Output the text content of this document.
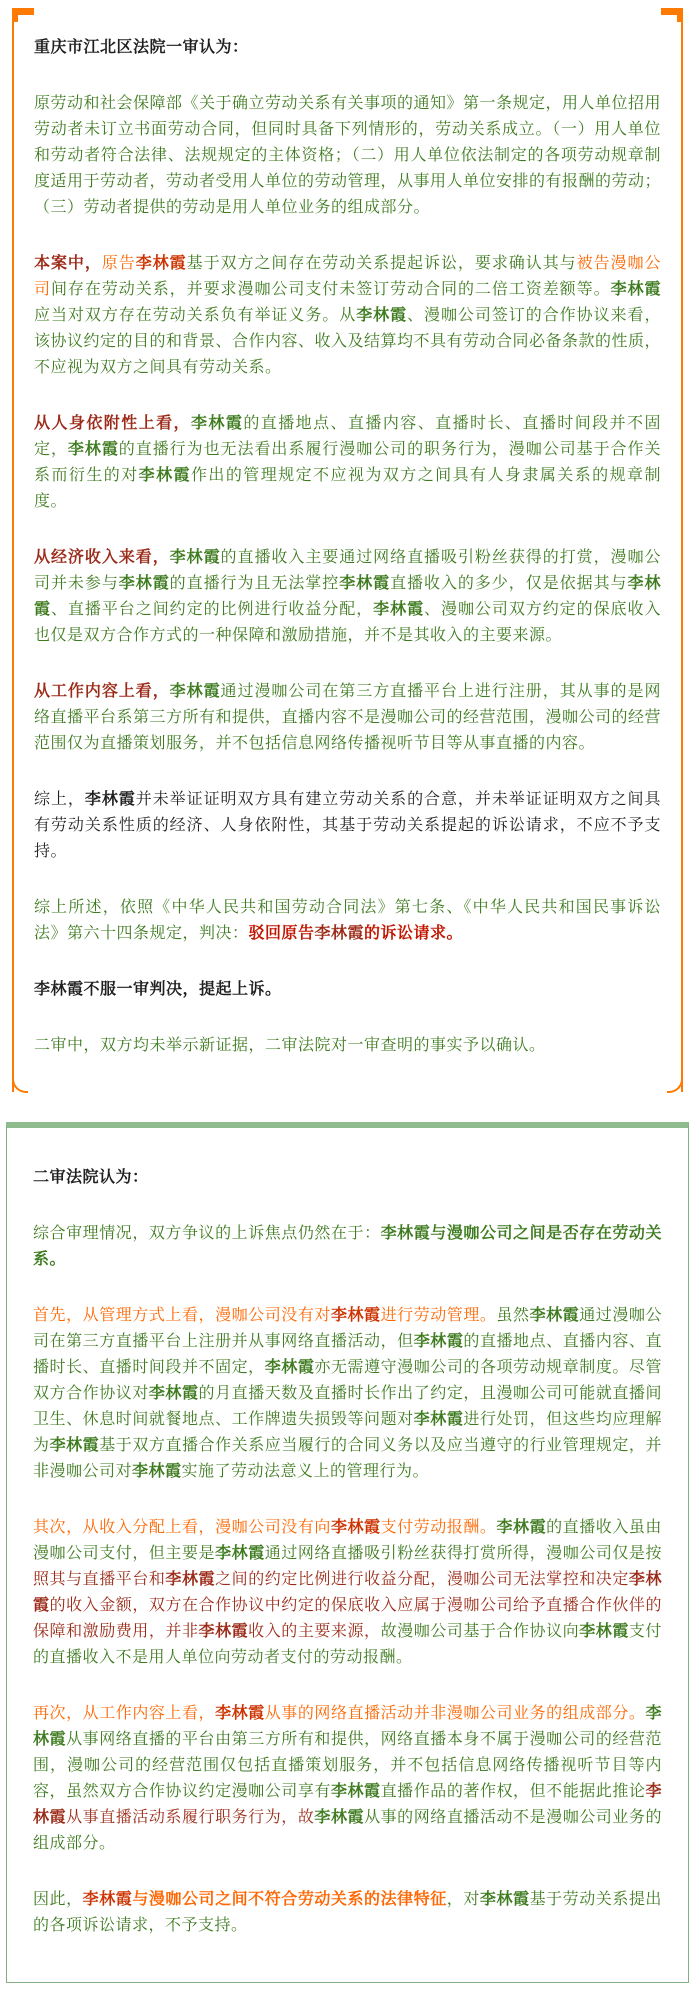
重庆市江北区法院一审认为：

原劳动和社会保障部《关于确立劳动关系有关事项的通知》第一条规定，用人单位招用劳动者未订立书面劳动合同，但同时具备下列情形的，劳动关系成立。（一）用人单位和劳动者符合法律、法规规定的主体资格；（二）用人单位依法制定的各项劳动规章制度适用于劳动者，劳动者受用人单位的劳动管理，从事用人单位安排的有报酬的劳动；（三）劳动者提供的劳动是用人单位业务的组成部分。

本案中，原告李林霞基于双方之间存在劳动关系提起诉讼，要求确认其与被告漫咖公司间存在劳动关系，并要求漫咖公司支付未签订劳动合同的二倍工资差额等。李林霞应当对双方存在劳动关系负有举证义务。从李林霞、漫咖公司签订的合作协议来看，该协议约定的目的和背景、合作内容、收入及结算均不具有劳动合同必备条款的性质，不应视为双方之间具有劳动关系。

从人身依附性上看，李林霞的直播地点、直播内容、直播时长、直播时间段并不固定，李林霞的直播行为也无法看出系履行漫咖公司的职务行为，漫咖公司基于合作关系而衍生的对李林霞作出的管理规定不应视为双方之间具有人身隶属关系的规章制度。

从经济收入来看，李林霞的直播收入主要通过网络直播吸引粉丝获得的打赏，漫咖公司并未参与李林霞的直播行为且无法掌控李林霞直播收入的多少，仅是依据其与李林霞、直播平台之间约定的比例进行收益分配，李林霞、漫咖公司双方约定的保底收入也仅是双方合作方式的一种保障和激励措施，并不是其收入的主要来源。

从工作内容上看，李林霞通过漫咖公司在第三方直播平台上进行注册，其从事的是网络直播平台系第三方所有和提供，直播内容不是漫咖公司的经营范围，漫咖公司的经营范围仅为直播策划服务，并不包括信息网络传播视听节目等从事直播的内容。

综上，李林霞并未举证证明双方具有建立劳动关系的合意，并未举证证明双方之间具有劳动关系性质的经济、人身依附性，其基于劳动关系提起的诉讼请求，不应不予支持。

综上所述，依照《中华人民共和国劳动合同法》第七条、《中华人民共和国民事诉讼法》第六十四条规定，判决：驳回原告李林霞的诉讼请求。

李林霞不服一审判决，提起上诉。

二审中，双方均未举示新证据，二审法院对一审查明的事实予以确认。

二审法院认为：

综合审理情况，双方争议的上诉焦点仍然在于：李林霞与漫咖公司之间是否存在劳动关系。

首先，从管理方式上看，漫咖公司没有对李林霞进行劳动管理。虽然李林霞通过漫咖公司在第三方直播平台上注册并从事网络直播活动，但李林霞的直播地点、直播内容、直播时长、直播时间段并不固定，李林霞亦无需遵守漫咖公司的各项劳动规章制度。尽管双方合作协议对李林霞的月直播天数及直播时长作出了约定，且漫咖公司可能就直播间卫生、休息时间就餐地点、工作牌遗失损毁等问题对李林霞进行处罚，但这些均应理解为李林霞基于双方直播合作关系应当履行的合同义务以及应当遵守的行业管理规定，并非漫咖公司对李林霞实施了劳动法意义上的管理行为。

其次，从收入分配上看，漫咖公司没有向李林霞支付劳动报酬。李林霞的直播收入虽由漫咖公司支付，但主要是李林霞通过网络直播吸引粉丝获得打赏所得，漫咖公司仅是按照其与直播平台和李林霞之间的约定比例进行收益分配，漫咖公司无法掌控和决定李林霞的收入金额，双方在合作协议中约定的保底收入应属于漫咖公司给予直播合作伙伴的保障和激励费用，并非李林霞收入的主要来源，故漫咖公司基于合作协议向李林霞支付的直播收入不是用人单位向劳动者支付的劳动报酬。

再次，从工作内容上看，李林霞从事的网络直播活动并非漫咖公司业务的组成部分。李林霞从事网络直播的平台由第三方所有和提供，网络直播本身不属于漫咖公司的经营范围，漫咖公司的经营范围仅包括直播策划服务，并不包括信息网络传播视听节目等内容，虽然双方合作协议约定漫咖公司享有李林霞直播作品的著作权，但不能据此推论李林霞从事直播活动系履行职务行为，故李林霞从事的网络直播活动不是漫咖公司业务的组成部分。

因此，李林霞与漫咖公司之间不符合劳动关系的法律特征，对李林霞基于劳动关系提出的各项诉讼请求，不予支持。
